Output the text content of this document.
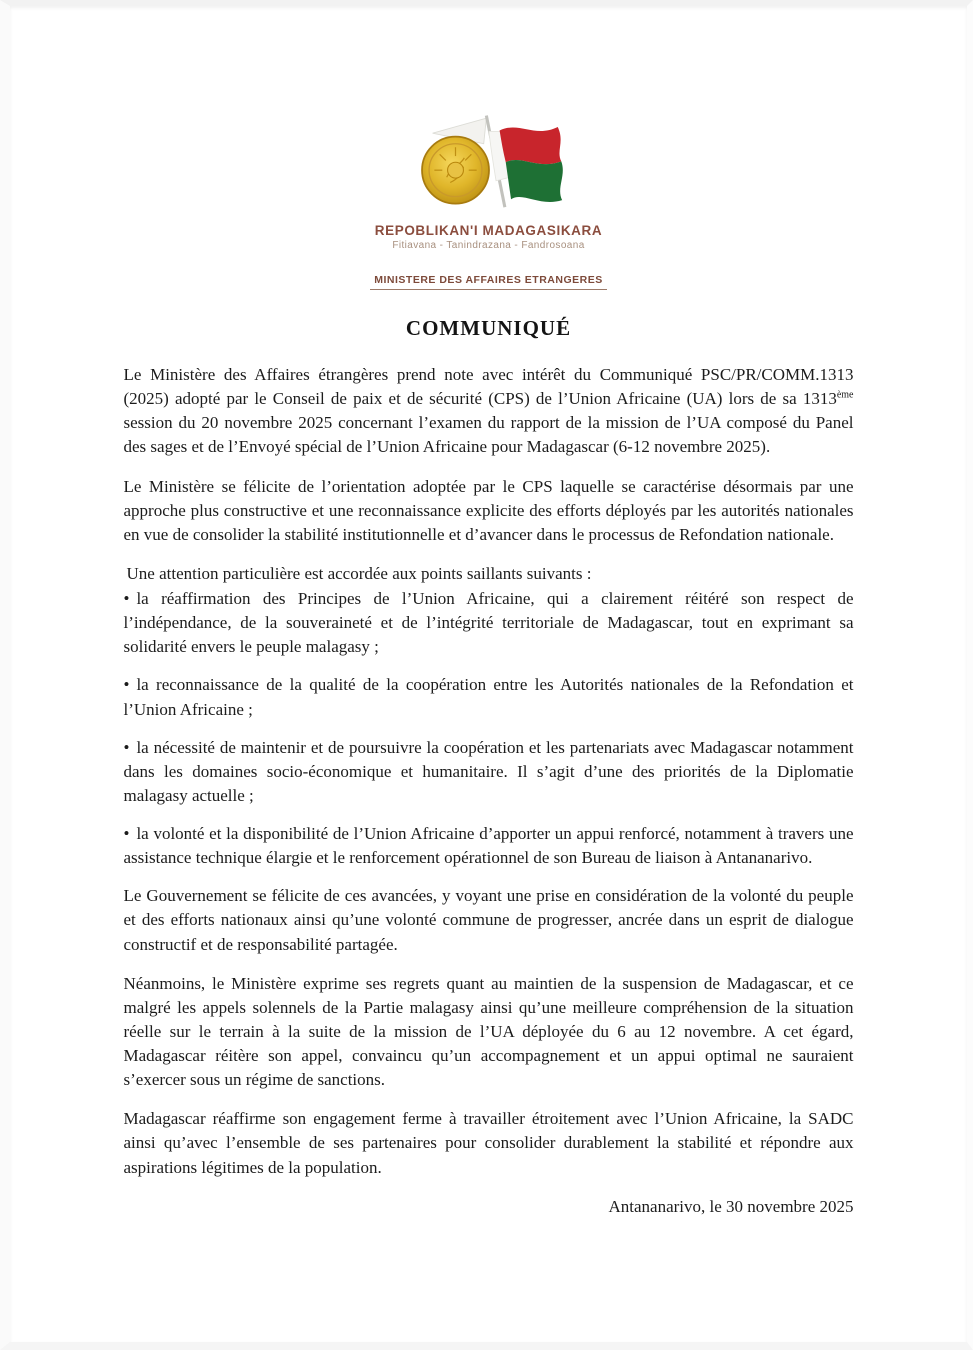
REPOBLIKAN'I MADAGASIKARA
Fitiavana - Tanindrazana - Fandrosoana

MINISTERE DES AFFAIRES ETRANGERES
COMMUNIQUÉ

Le Ministère des Affaires étrangères prend note avec intérêt du Communiqué PSC/PR/COMM.1313 (2025) adopté par le Conseil de paix et de sécurité (CPS) de l’Union Africaine (UA) lors de sa 1313ème session du 20 novembre 2025 concernant l’examen du rapport de la mission de l’UA composé du Panel des sages et de l’Envoyé spécial de l’Union Africaine pour Madagascar (6-12 novembre 2025).

Le Ministère se félicite de l’orientation adoptée par le CPS laquelle se caractérise désormais par une approche plus constructive et une reconnaissance explicite des efforts déployés par les autorités nationales en vue de consolider la stabilité institutionnelle et d’avancer dans le processus de Refondation nationale.

Une attention particulière est accordée aux points saillants suivants :

• la réaffirmation des Principes de l’Union Africaine, qui a clairement réitéré son respect de l’indépendance, de la souveraineté et de l’intégrité territoriale de Madagascar, tout en exprimant sa solidarité envers le peuple malagasy ;

• la reconnaissance de la qualité de la coopération entre les Autorités nationales de la Refondation et l’Union Africaine ;

• la nécessité de maintenir et de poursuivre la coopération et les partenariats avec Madagascar notamment dans les domaines socio-économique et humanitaire. Il s’agit d’une des priorités de la Diplomatie malagasy actuelle ;

• la volonté et la disponibilité de l’Union Africaine d’apporter un appui renforcé, notamment à travers une assistance technique élargie et le renforcement opérationnel de son Bureau de liaison à Antananarivo.

Le Gouvernement se félicite de ces avancées, y voyant une prise en considération de la volonté du peuple et des efforts nationaux ainsi qu’une volonté commune de progresser, ancrée dans un esprit de dialogue constructif et de responsabilité partagée.

Néanmoins, le Ministère exprime ses regrets quant au maintien de la suspension de Madagascar, et ce malgré les appels solennels de la Partie malagasy ainsi qu’une meilleure compréhension de la situation réelle sur le terrain à la suite de la mission de l’UA déployée du 6 au 12 novembre. A cet égard, Madagascar réitère son appel, convaincu qu’un accompagnement et un appui optimal ne sauraient s’exercer sous un régime de sanctions.

Madagascar réaffirme son engagement ferme à travailler étroitement avec l’Union Africaine, la SADC ainsi qu’avec l’ensemble de ses partenaires pour consolider durablement la stabilité et répondre aux aspirations légitimes de la population.

Antananarivo, le 30 novembre 2025
